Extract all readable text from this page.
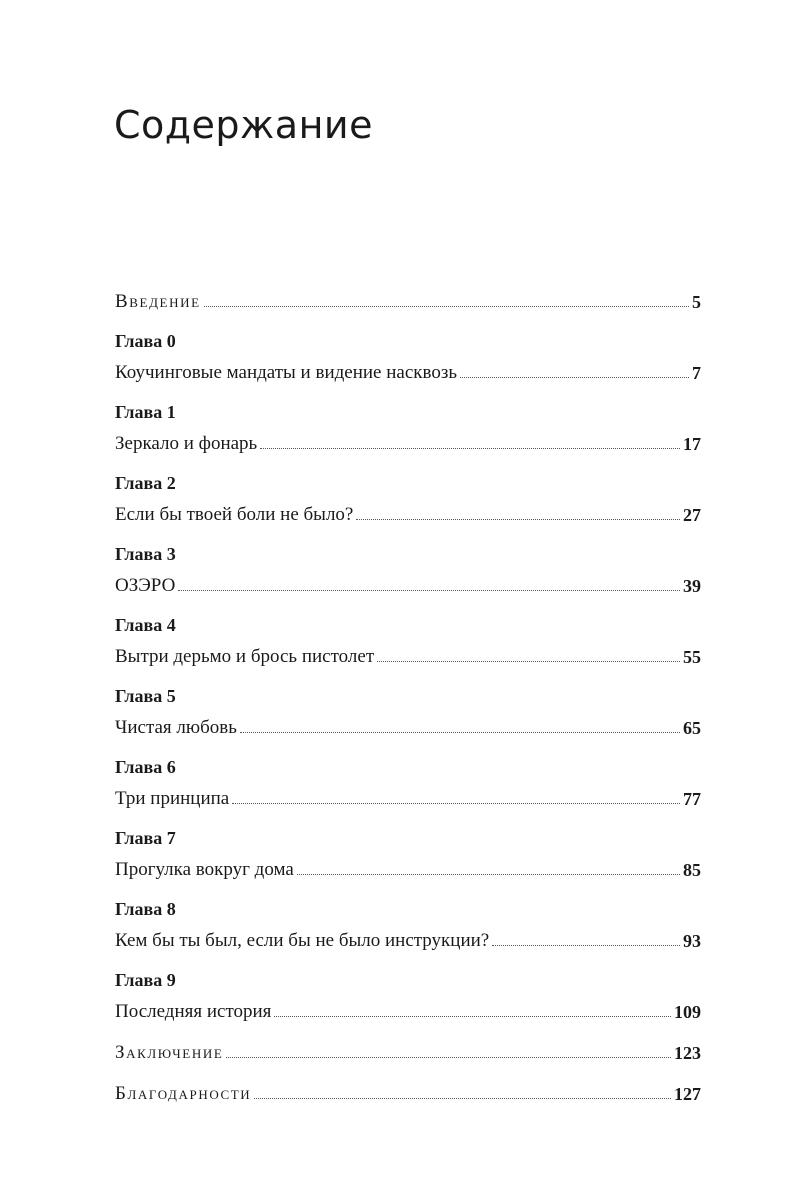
Содержание
Введение	5
Глава 0
Коучинговые мандаты и видение насквозь	7
Глава 1
Зеркало и фонарь	17
Глава 2
Если бы твоей боли не было?	27
Глава 3
ОЗЭРО	39
Глава 4
Вытри дерьмо и брось пистолет	55
Глава 5
Чистая любовь	65
Глава 6
Три принципа	77
Глава 7
Прогулка вокруг дома	85
Глава 8
Кем бы ты был, если бы не было инструкции?	93
Глава 9
Последняя история	109
Заключение	123
Благодарности	127
